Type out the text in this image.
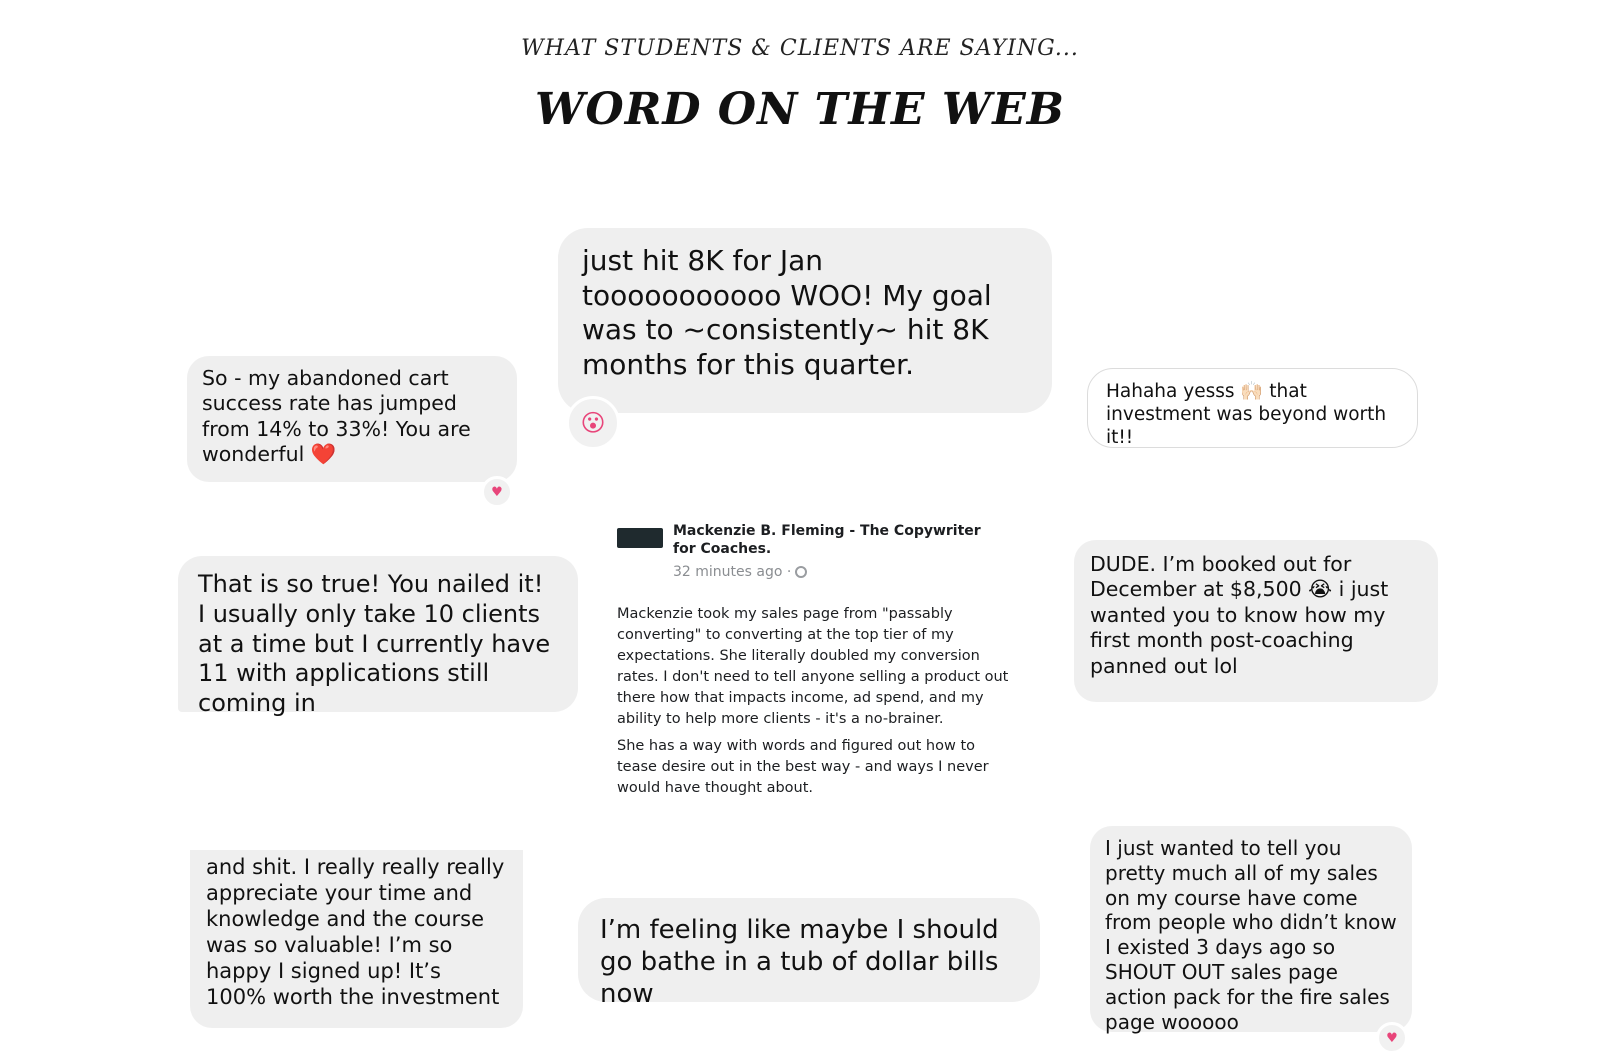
WHAT STUDENTS & CLIENTS ARE SAYING...
WORD ON THE WEB
So - my abandoned cart success rate has jumped from 14% to 33%! You are wonderful ❤️
♥
That is so true! You nailed it! I usually only take 10 clients at a time but I currently have 11 with applications still coming in
and shit. I really really really appreciate your time and knowledge and the course was so valuable! I’m so happy I signed up! It’s 100% worth the investment
just hit 8K for Jan tooooooooooo WOO! My goal was to ~consistently~ hit 8K months for this quarter.
😮
Mackenzie B. Fleming - The Copywriter for Coaches.
32 minutes ago ·

Mackenzie took my sales page from "passably converting" to converting at the top tier of my expectations. She literally doubled my conversion rates. I don't need to tell anyone selling a product out there how that impacts income, ad spend, and my ability to help more clients - it's a no-brainer.

She has a way with words and figured out how to tease desire out in the best way - and ways I never would have thought about.

I’m feeling like maybe I should go bathe in a tub of dollar bills now
Hahaha yesss 🙌🏻 that investment was beyond worth it!!
DUDE. I’m booked out for December at $8,500 😭 i just wanted you to know how my first month post-coaching panned out lol
I just wanted to tell you pretty much all of my sales on my course have come from people who didn’t know I existed 3 days ago so SHOUT OUT sales page action pack for the fire sales page wooooo
♥
